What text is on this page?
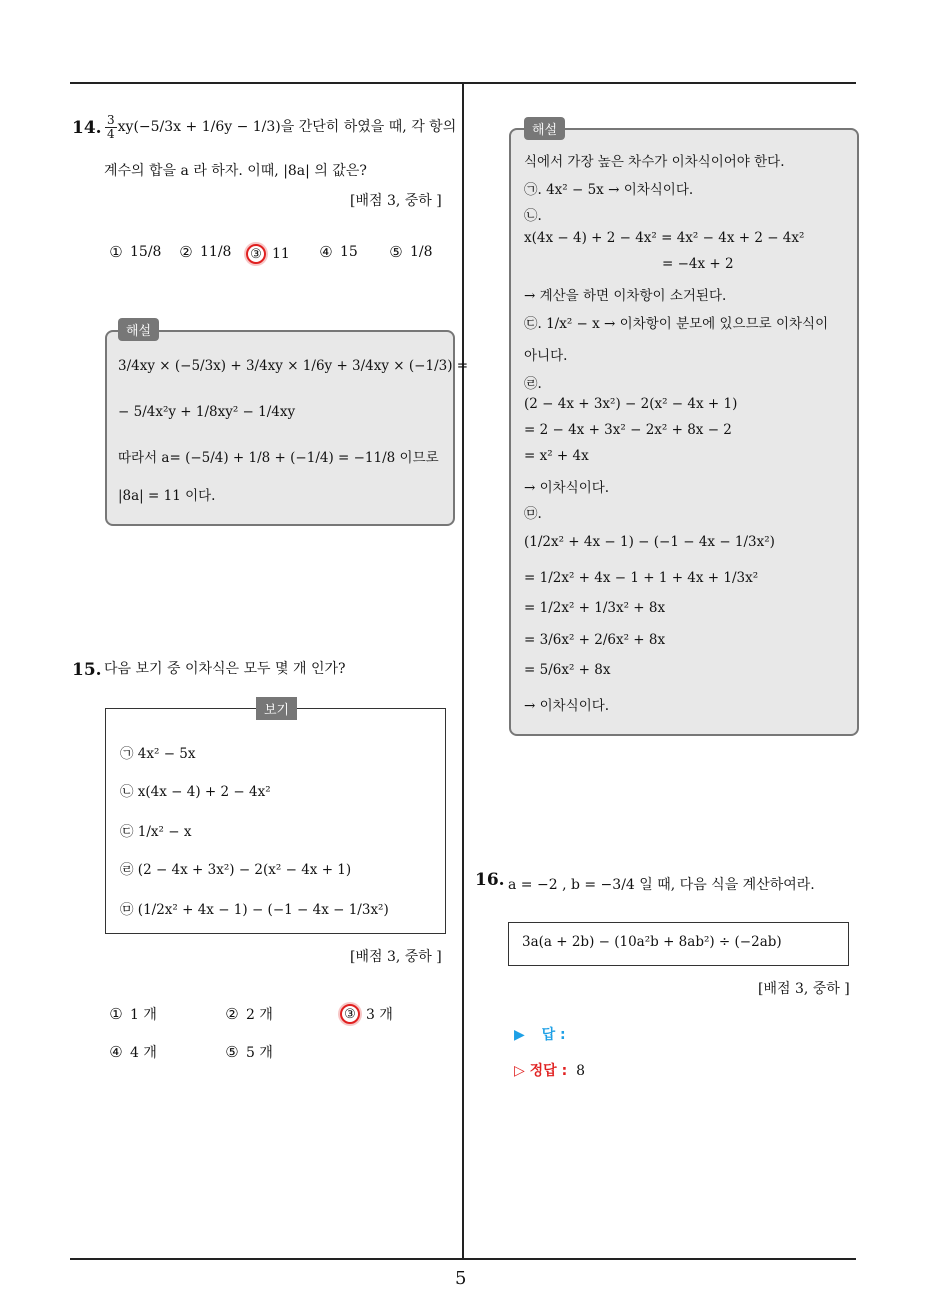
5
14. $\frac{3}{4} xy(-5/3x + 1/6y - 1/3)$을 간단히 하였을 때, 각 항의
계수의 합을 a 라 하자. 이때, |8a| 의 값은?
[배점 3, 중하 ]
① 15/8 ② 11/8	③ 11 ④ 15 ⑤ 1/8
해설
3/4xy × (−5/3x) + 3/4xy × 1/6y + 3/4xy × (−1/3) =
− 5/4x²y + 1/8xy² − 1/4xy
따라서 a= (−5/4) + 1/8 + (−1/4) = −11/8 이므로
|8a| = 11 이다.
15. 다음 보기 중 이차식은 모두 몇 개 인가?
보기
㉠ 4x² − 5x
㉡ x(4x − 4) + 2 − 4x²
㉢ 1/x² − x
㉣ (2 − 4x + 3x²) − 2(x² − 4x + 1)
㉤ (1/2x² + 4x − 1) − (−1 − 4x − 1/3x²)
[배점 3, 중하 ]
① 1 개	② 2 개	③ 3 개
④ 4 개	⑤ 5 개
해설
식에서 가장 높은 차수가 이차식이어야 한다.
㉠. 4x² − 5x → 이차식이다.
㉡.
x(4x − 4) + 2 − 4x² = 4x² − 4x + 2 − 4x²
= −4x + 2
→ 계산을 하면 이차항이 소거된다.
㉢. 1/x² − x → 이차항이 분모에 있으므로 이차식이
아니다.
㉣.
(2 − 4x + 3x²) − 2(x² − 4x + 1)
= 2 − 4x + 3x² − 2x² + 8x − 2
= x² + 4x
→ 이차식이다.
㉤.
(1/2x² + 4x − 1) − (−1 − 4x − 1/3x²)
= 1/2x² + 4x − 1 + 1 + 4x + 1/3x²
= 1/2x² + 1/3x² + 8x
= 3/6x² + 2/6x² + 8x
= 5/6x² + 8x
→ 이차식이다.
16. a = −2 , b = −3/4 일 때, 다음 식을 계산하여라.
3a(a + 2b) − (10a²b + 8ab²) ÷ (−2ab)
[배점 3, 중하 ]
▶ 답 :
▷ 정답 : 8
